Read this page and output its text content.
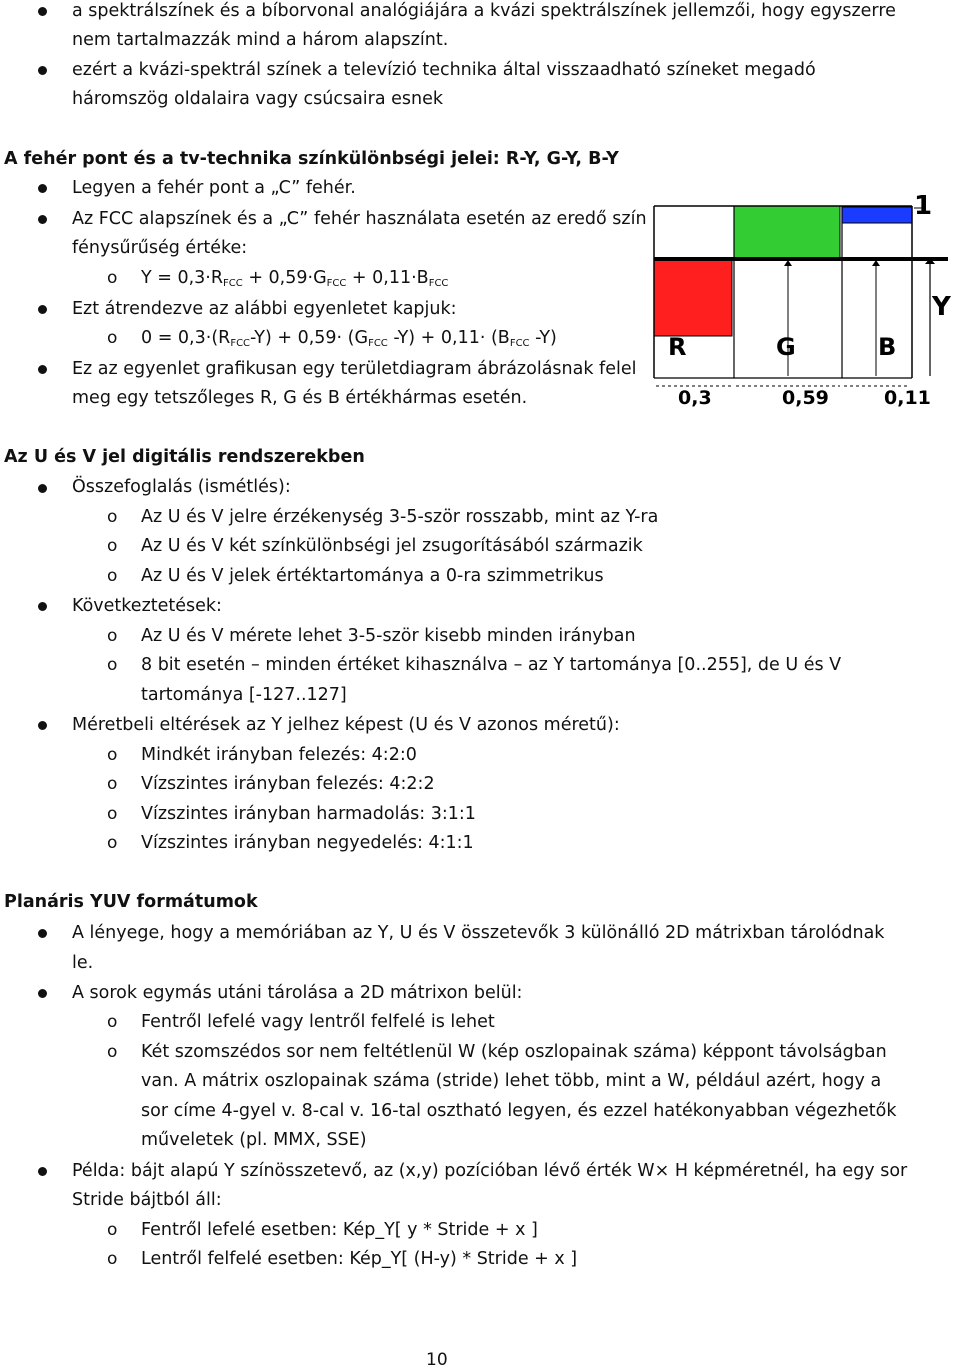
a spektrálszínek és a bíborvonal analógiájára a kvázi spektrálszínek jellemzői, hogy egyszerre
nem tartalmazzák mind a három alapszínt.
ezért a kvázi-spektrál színek a televízió technika által visszaadható színeket megadó
háromszög oldalaira vagy csúcsaira esnek
A fehér pont és a tv-technika színkülönbségi jelei: R-Y, G-Y, B-Y
Legyen a fehér pont a „C” fehér.
Az FCC alapszínek és a „C” fehér használata esetén az eredő szín
fénysűrűség értéke:
o $Y = 0,3\cdot R_{FCC} + 0,59\cdot G_{FCC} + 0,11\cdot B_{FCC}$
Ezt átrendezve az alábbi egyenletet kapjuk:
o $0 = 0,3\cdot(R_{FCC}-Y) + 0,59\cdot (G_{FCC}$ $-Y) + 0,11\cdot (B_{FCC}$ -Y)
Ez az egyenlet grafikusan egy területdiagram ábrázolásnak felel
meg egy tetszőleges R, G és B értékhármas esetén.
1
Y
R	G	B
0,3	0,59	0,11
Az U és V jel digitális rendszerekben
Összefoglalás (ismétlés):
o Az U és V jelre érzékenység 3-5-ször rosszabb, mint az Y-ra
o Az U és V két színkülönbségi jel zsugorításából származik
o Az U és V jelek értéktartománya a 0-ra szimmetrikus
Következtetések:
o Az U és V mérete lehet 3-5-ször kisebb minden irányban
o 8 bit esetén – minden értéket kihasználva – az Y tartománya [0..255], de U és V
tartománya [-127..127]
Méretbeli eltérések az Y jelhez képest (U és V azonos méretű):
o Mindkét irányban felezés: 4:2:0
o Vízszintes irányban felezés: 4:2:2
o Vízszintes irányban harmadolás: 3:1:1
o Vízszintes irányban negyedelés: 4:1:1
Planáris YUV formátumok
A lényege, hogy a memóriában az Y, U és V összetevők 3 különálló 2D mátrixban tárolódnak
le.
A sorok egymás utáni tárolása a 2D mátrixon belül:
o Fentről lefelé vagy lentről felfelé is lehet
o Két szomszédos sor nem feltétlenül W (kép oszlopainak száma) képpont távolságban
van. A mátrix oszlopainak száma (stride) lehet több, mint a W, például azért, hogy a
sor címe 4-gyel v. 8-cal v. 16-tal osztható legyen, és ezzel hatékonyabban végezhetők
műveletek (pl. MMX, SSE)
Példa: bájt alapú Y színösszetevő, az (x,y) pozícióban lévő érték W⨯ H képméretnél, ha egy sor
Stride bájtból áll:
o Fentről lefelé esetben: Kép_Y[ y * Stride + x ]
o Lentről felfelé esetben: Kép_Y[ (H-y) * Stride + x ]
10
